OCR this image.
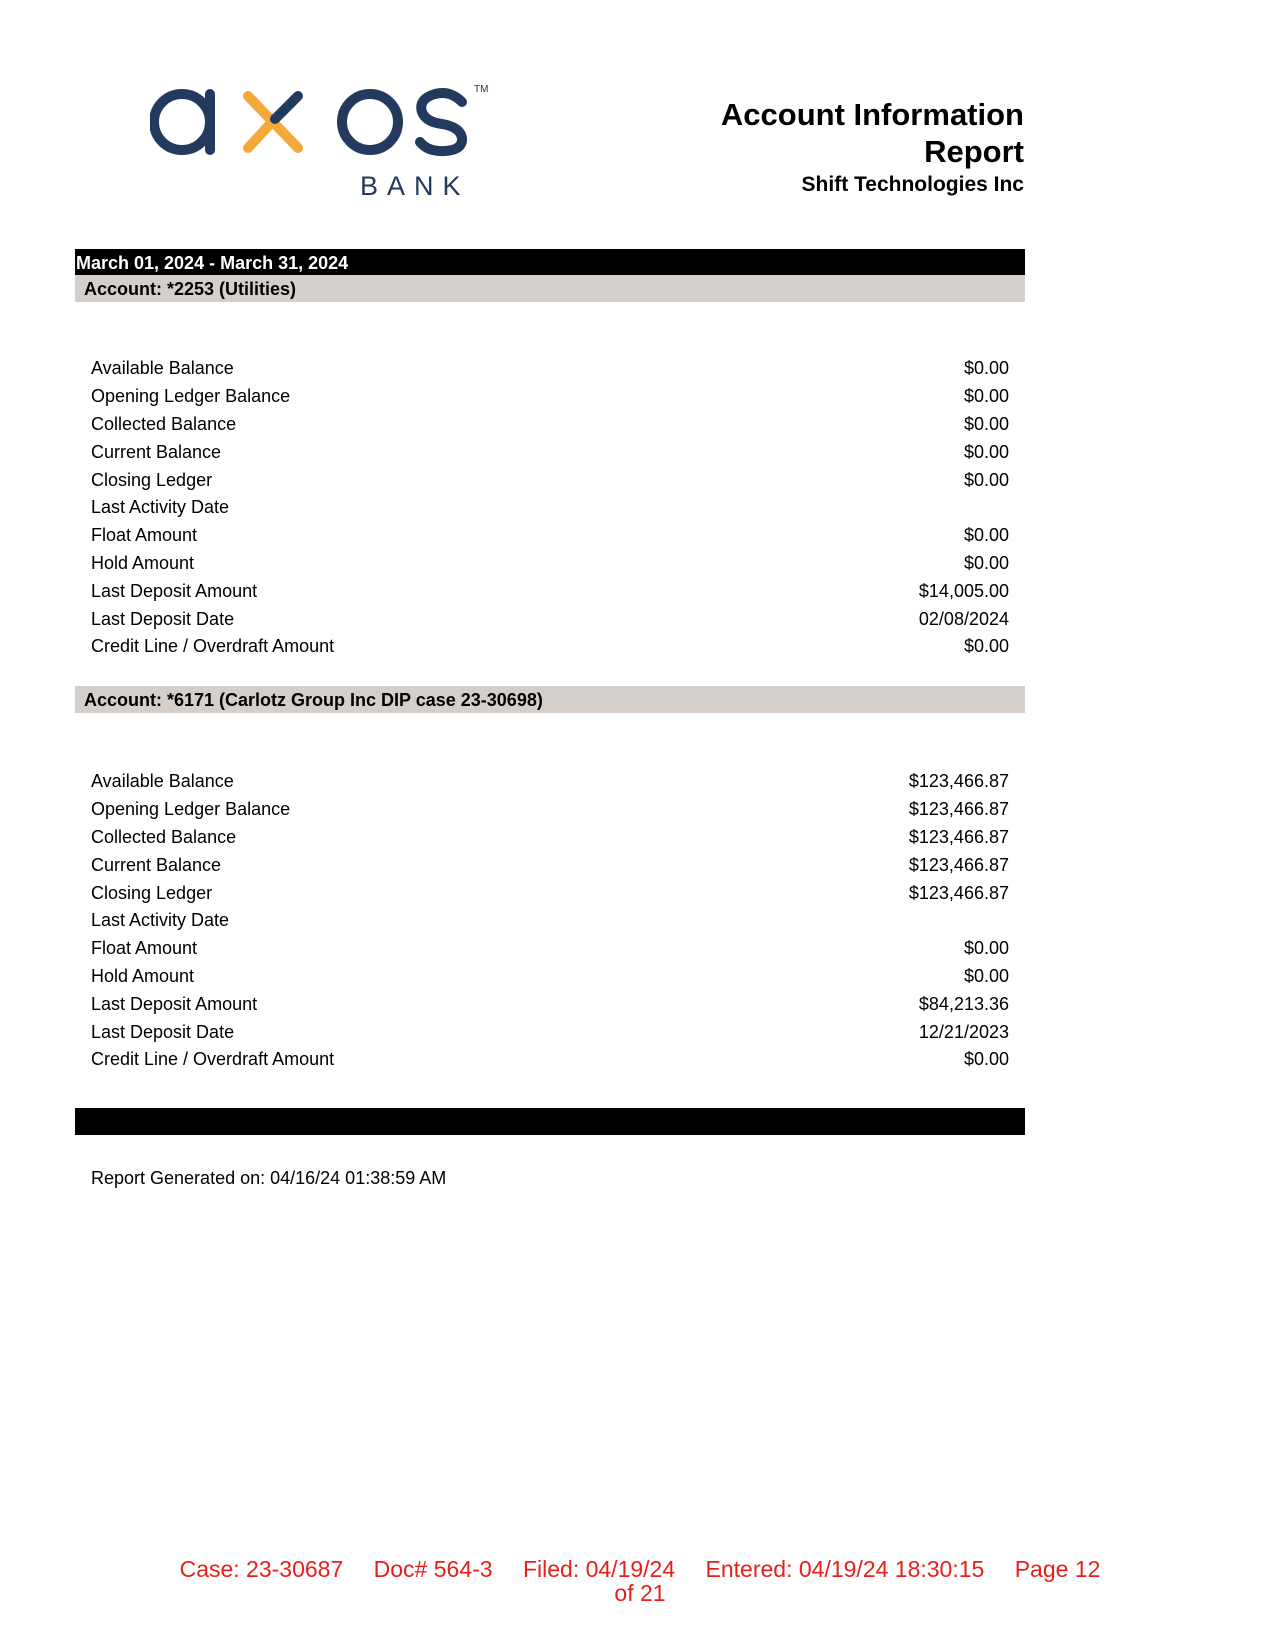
TM
BANK
Account Information Report
Shift Technologies Inc
March 01, 2024 - March 31, 2024
Account: *2253 (Utilities)
Available Balance	$0.00
Opening Ledger Balance	$0.00
Collected Balance	$0.00
Current Balance	$0.00
Closing Ledger	$0.00
Last Activity Date
Float Amount	$0.00
Hold Amount	$0.00
Last Deposit Amount	$14,005.00
Last Deposit Date	02/08/2024
Credit Line / Overdraft Amount	$0.00
Account: *6171 (Carlotz Group Inc DIP case 23-30698)
Available Balance	$123,466.87
Opening Ledger Balance	$123,466.87
Collected Balance	$123,466.87
Current Balance	$123,466.87
Closing Ledger	$123,466.87
Last Activity Date
Float Amount	$0.00
Hold Amount	$0.00
Last Deposit Amount	$84,213.36
Last Deposit Date	12/21/2023
Credit Line / Overdraft Amount	$0.00
Report Generated on: 04/16/24 01:38:59 AM
Case: 23-30687 Doc# 564-3 Filed: 04/19/24 Entered: 04/19/24 18:30:15 Page 12
of 21
